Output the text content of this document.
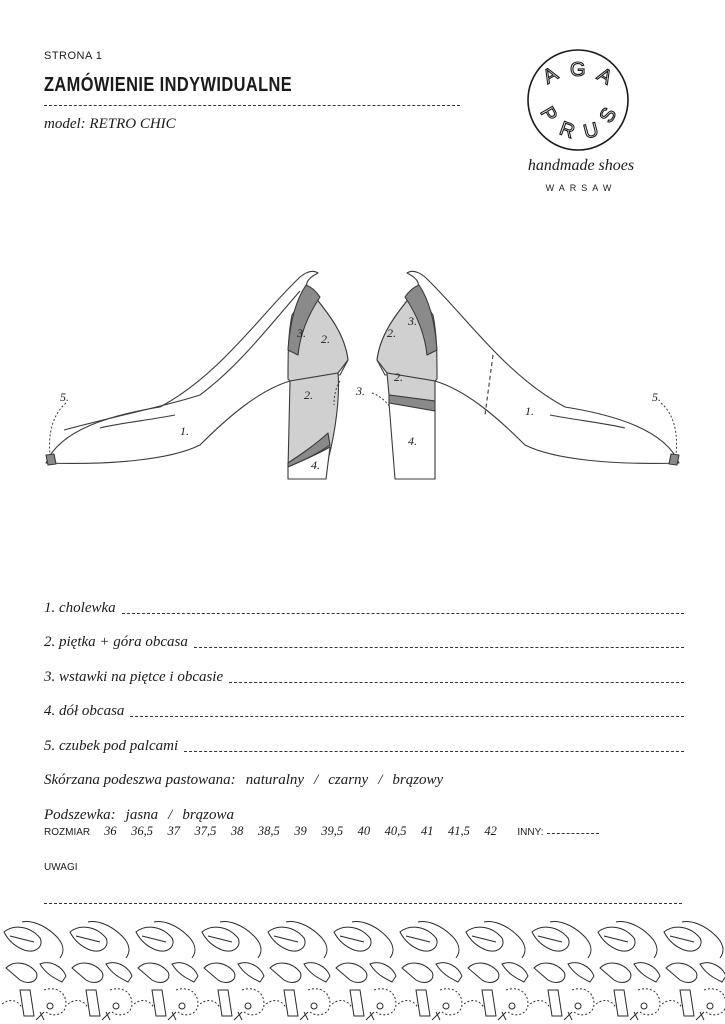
STRONA 1
ZAMÓWIENIE INDYWIDUALNE
model: RETRO CHIC
A G A
P
R U
S
handmade shoes
WARSAW
5.
1.
3. 2.
2.
4.
3.
2.
3.
2.
4.
1.
5.
1. cholewka
2. piętka + góra obcasa
3. wstawki na piętce i obcasie
4. dół obcasa
5. czubek pod palcami
Skórzana podeszwa pastowana: naturalny / czarny / brązowy
Podszewka: jasna / brązowa
ROZMIAR 36 36,5 37 37,5 38 38,5 39 39,5 40 40,5 41 41,5 42 INNY:
UWAGI
